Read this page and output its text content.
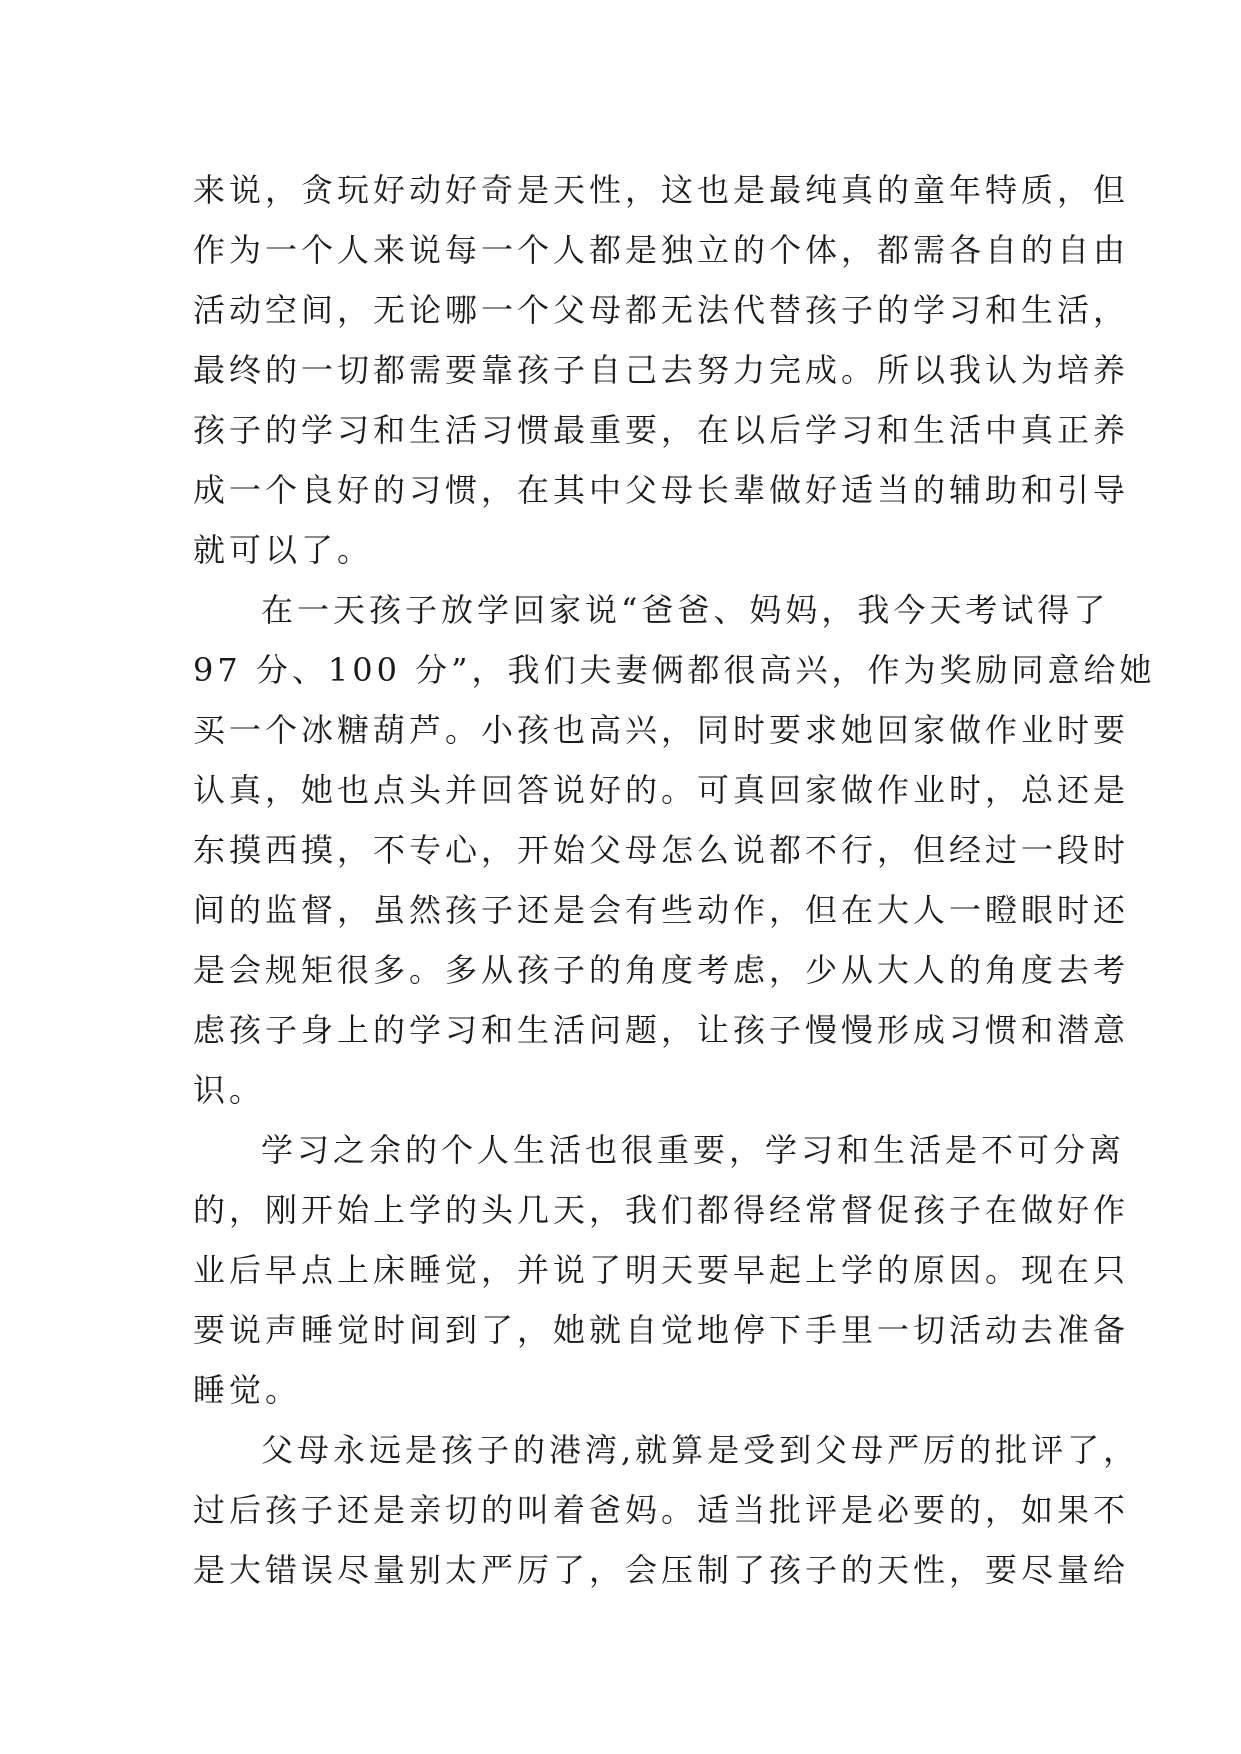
来说，贪玩好动好奇是天性，这也是最纯真的童年特质，但
作为一个人来说每一个人都是独立的个体，都需各自的自由
活动空间，无论哪一个父母都无法代替孩子的学习和生活，
最终的一切都需要靠孩子自己去努力完成。所以我认为培养
孩子的学习和生活习惯最重要，在以后学习和生活中真正养
成一个良好的习惯，在其中父母长辈做好适当的辅助和引导
就可以了。
在一天孩子放学回家说“爸爸、妈妈，我今天考试得了
97 分、100 分”，我们夫妻俩都很高兴，作为奖励同意给她
买一个冰糖葫芦。小孩也高兴，同时要求她回家做作业时要
认真，她也点头并回答说好的。可真回家做作业时，总还是
东摸西摸，不专心，开始父母怎么说都不行，但经过一段时
间的监督，虽然孩子还是会有些动作，但在大人一瞪眼时还
是会规矩很多。多从孩子的角度考虑，少从大人的角度去考
虑孩子身上的学习和生活问题，让孩子慢慢形成习惯和潜意
识。
学习之余的个人生活也很重要，学习和生活是不可分离
的，刚开始上学的头几天，我们都得经常督促孩子在做好作
业后早点上床睡觉，并说了明天要早起上学的原因。现在只
要说声睡觉时间到了，她就自觉地停下手里一切活动去准备
睡觉。
父母永远是孩子的港湾,就算是受到父母严厉的批评了，
过后孩子还是亲切的叫着爸妈。适当批评是必要的，如果不
是大错误尽量别太严厉了，会压制了孩子的天性，要尽量给
